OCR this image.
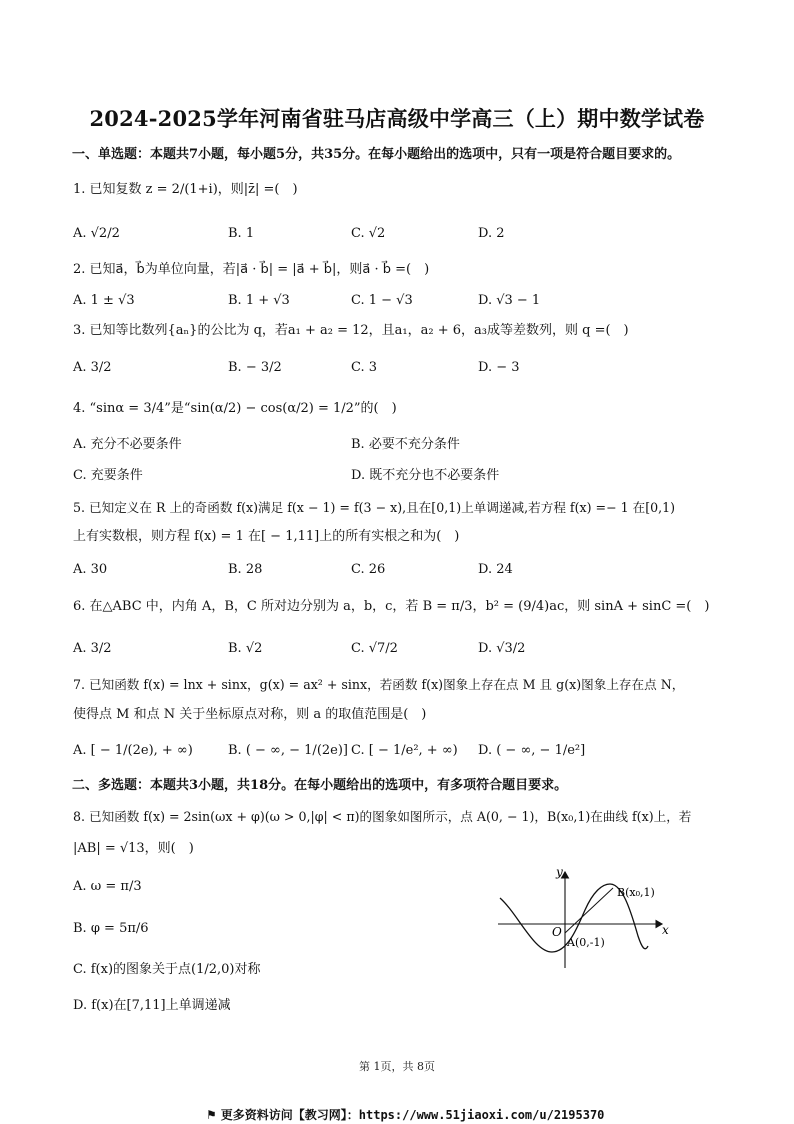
2024-2025学年河南省驻马店高级中学高三（上）期中数学试卷
一、单选题：本题共7小题，每小题5分，共35分。在每小题给出的选项中，只有一项是符合题目要求的。
1. 已知复数 z = 2/(1+i)，则|z̄| =(　)
A. √2/2	B. 1	C. √2	D. 2
2. 已知a⃗，b⃗为单位向量，若|a⃗ · b⃗| = |a⃗ + b⃗|，则a⃗ · b⃗ =(　)
A. 1 ± √3	B. 1 + √3	C. 1 − √3	D. √3 − 1
3. 已知等比数列{aₙ}的公比为 q，若a₁ + a₂ = 12，且a₁，a₂ + 6，a₃成等差数列，则 q =(　)
A. 3/2	B. − 3/2	C. 3	D. − 3
4. “sinα = 3/4”是“sin(α/2) − cos(α/2) = 1/2”的(　)
A. 充分不必要条件	B. 必要不充分条件
C. 充要条件	D. 既不充分也不必要条件
5. 已知定义在 R 上的奇函数 f(x)满足 f(x − 1) = f(3 − x),且在[0,1)上单调递减,若方程 f(x) =− 1 在[0,1)
上有实数根，则方程 f(x) = 1 在[ − 1,11]上的所有实根之和为(　)
A. 30	B. 28	C. 26	D. 24
6. 在△ABC 中，内角 A，B，C 所对边分别为 a，b，c，若 B = π/3，b² = (9/4)ac，则 sinA + sinC =(　)
A. 3/2	B. √2	C. √7/2	D. √3/2
7. 已知函数 f(x) = lnx + sinx，g(x) = ax² + sinx，若函数 f(x)图象上存在点 M 且 g(x)图象上存在点 N，
使得点 M 和点 N 关于坐标原点对称，则 a 的取值范围是(　)
A. [ − 1/(2e), + ∞)	B. ( − ∞, − 1/(2e)] C. [ − 1/e², + ∞) D. ( − ∞, − 1/e²]
二、多选题：本题共3小题，共18分。在每小题给出的选项中，有多项符合题目要求。
8. 已知函数 f(x) = 2sin(ωx + φ)(ω > 0,|φ| < π)的图象如图所示，点 A(0, − 1)，B(x₀,1)在曲线 f(x)上，若
|AB| = √13，则(　)
A. ω = π/3
B. φ = 5π/6
C. f(x)的图象关于点(1/2,0)对称
D. f(x)在[7,11]上单调递减
y
x
O
A(0,-1)
B(x₀,1)
第 1页，共 8页
⚑ 更多资料访问【教习网】：https://www.51jiaoxi.com/u/2195370
